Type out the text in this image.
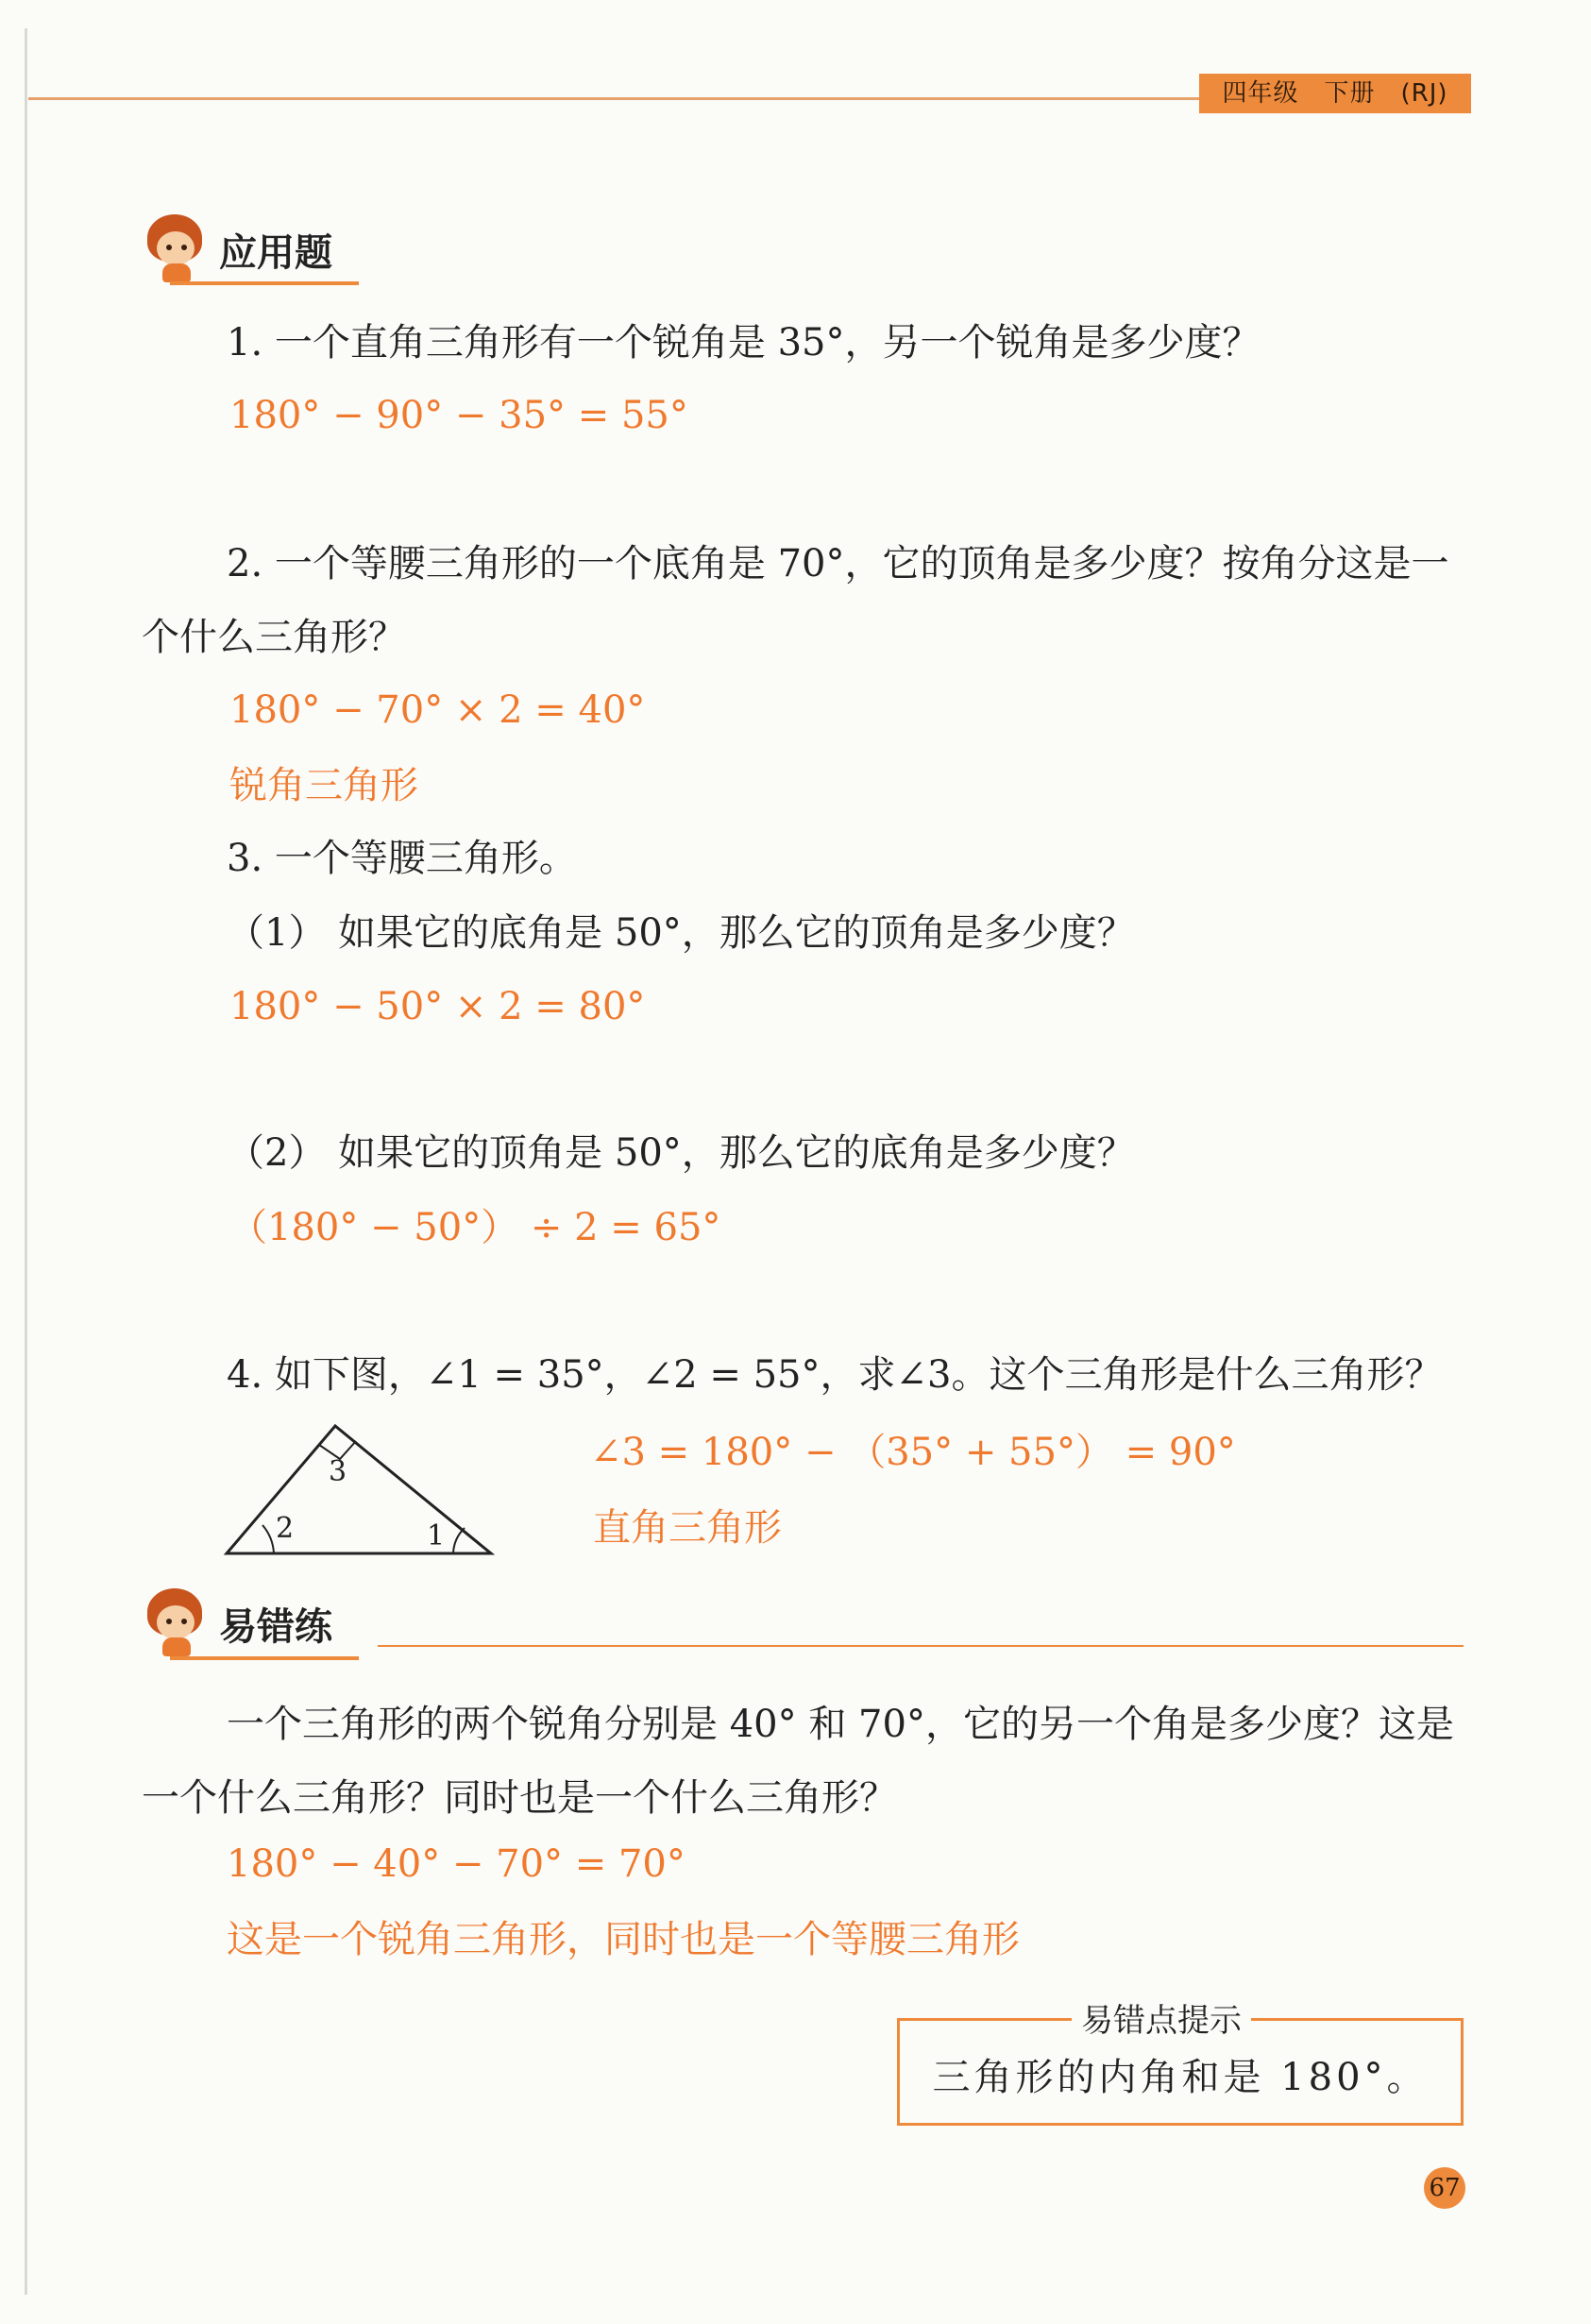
四年级　下册　(RJ)
应用题
1. 一个直角三角形有一个锐角是 35°，另一个锐角是多少度？
180° − 90° − 35° = 55°
2. 一个等腰三角形的一个底角是 70°，它的顶角是多少度？按角分这是一个什么三角形？
180° − 70° × 2 = 40°
锐角三角形
3. 一个等腰三角形。
（1） 如果它的底角是 50°，那么它的顶角是多少度？
180° − 50° × 2 = 80°
（2） 如果它的顶角是 50°，那么它的底角是多少度？
（180° − 50°） ÷ 2 = 65°
4. 如下图，∠1 = 35°，∠2 = 55°，求∠3。这个三角形是什么三角形？
3
2	1
∠3 = 180° − （35° + 55°） = 90°
直角三角形
易错练
一个三角形的两个锐角分别是 40° 和 70°，它的另一个角是多少度？这是一个什么三角形？同时也是一个什么三角形？
180° − 40° − 70° = 70°
这是一个锐角三角形，同时也是一个等腰三角形
易错点提示
三角形的内角和是 180°。
67
